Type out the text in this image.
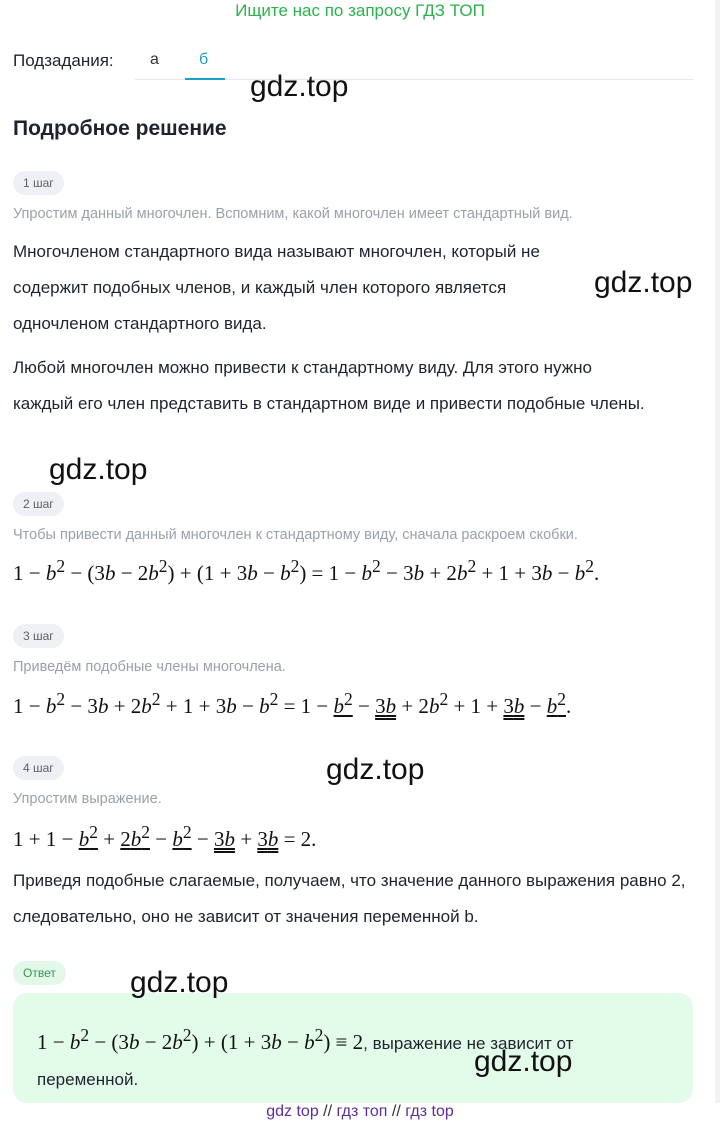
Ищите нас по запросу ГДЗ ТОП
Подзадания: а	б
Подробное решение
1 шаг
Упростим данный многочлен. Вспомним, какой многочлен имеет стандартный вид.
Многочленом стандартного вида называют многочлен, который не содержит подобных членов, и каждый член которого является одночленом стандартного вида.
Любой многочлен можно привести к стандартному виду. Для этого нужно каждый его член представить в стандартном виде и привести подобные члены.
2 шаг
Чтобы привести данный многочлен к стандартному виду, сначала раскроем скобки.
$1 - b^2 - (3b - 2b^2) + (1 + 3b - b^2) = 1 - b^2 - 3b + 2b^2 + 1 + 3b - b^2$.
3 шаг
Приведём подобные члены многочлена.
$1 - b^2 - 3b + 2b^2 + 1 + 3b - b^2 = 1 - b^2 - 3b + 2b^2 + 1 + 3b - b^2$.
4 шаг
Упростим выражение.
$1 + 1 - b^2 + 2b^2 - b^2 - 3b + 3b = 2$.
Приведя подобные слагаемые, получаем, что значение данного выражения равно 2, следовательно, оно не зависит от значения переменной b.
Ответ
$1 - b^2 - (3b - 2b^2) + (1 + 3b - b^2) \equiv 2$, выражение не зависит от переменной.
gdz.top
gdz.top
gdz.top
gdz.top
gdz.top
gdz.top
gdz top // гдз топ // гдз top
